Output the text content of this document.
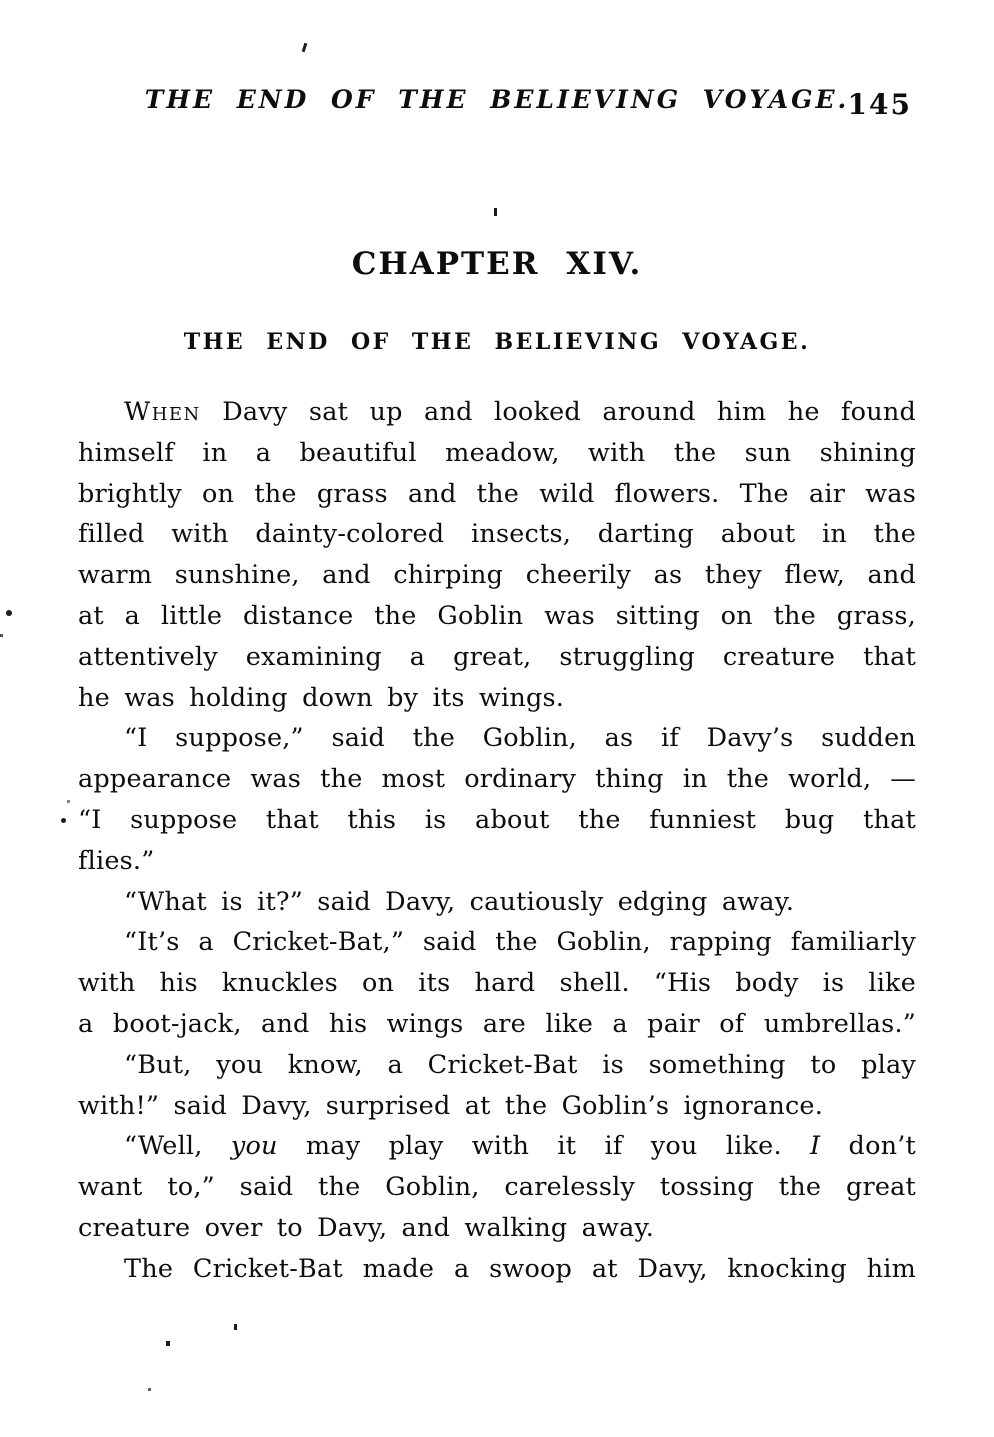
THE END OF THE BELIEVING VOYAGE.
145
CHAPTER XIV.
THE END OF THE BELIEVING VOYAGE.
When Davy sat up and looked around him he found
himself in a beautiful meadow, with the sun shining
brightly on the grass and the wild flowers. The air was
filled with dainty-colored insects, darting about in the
warm sunshine, and chirping cheerily as they flew, and
at a little distance the Goblin was sitting on the grass,
attentively examining a great, struggling creature that
he was holding down by its wings.
“I suppose,” said the Goblin, as if Davy’s sudden
appearance was the most ordinary thing in the world, —
“I suppose that this is about the funniest bug that
flies.”
“What is it?” said Davy, cautiously edging away.
“It’s a Cricket-Bat,” said the Goblin, rapping familiarly
with his knuckles on its hard shell. “His body is like
a boot-jack, and his wings are like a pair of umbrellas.”
“But, you know, a Cricket-Bat is something to play
with!” said Davy, surprised at the Goblin’s ignorance.
“Well, you may play with it if you like. I don’t
want to,” said the Goblin, carelessly tossing the great
creature over to Davy, and walking away.
The Cricket-Bat made a swoop at Davy, knocking him
